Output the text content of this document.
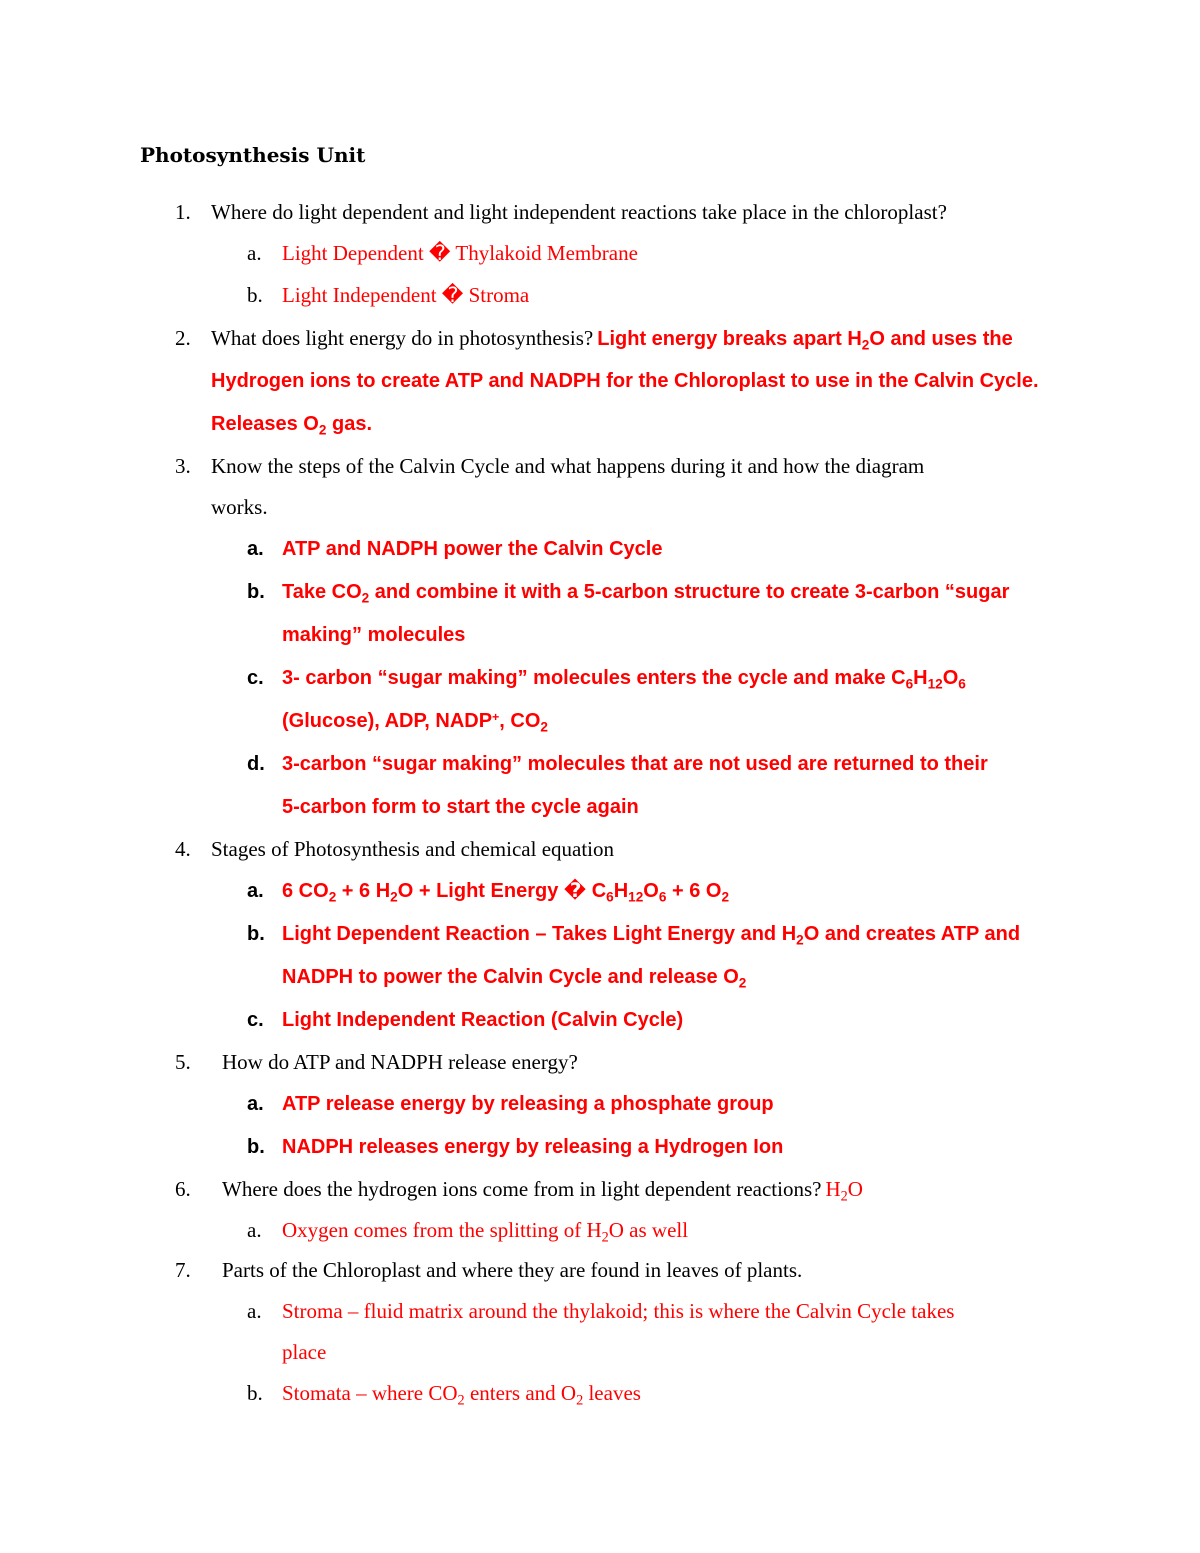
Photosynthesis Unit
1. Where do light dependent and light independent reactions take place in the chloroplast?
a. Light Dependent � Thylakoid Membrane
b. Light Independent � Stroma
2. What does light energy do in photosynthesis? Light energy breaks apart $H_2O$ and uses the
Hydrogen ions to create ATP and NADPH for the Chloroplast to use in the Calvin Cycle.
Releases $O_2$ gas.
3. Know the steps of the Calvin Cycle and what happens during it and how the diagram
works.
a. ATP and NADPH power the Calvin Cycle
b. Take $CO_2$ and combine it with a 5-carbon structure to create 3-carbon “sugar
making” molecules
c. 3- carbon “sugar making” molecules enters the cycle and make $C_6H_{12}O_6$
(Glucose), ADP, NADP+, $CO_2$
d. 3-carbon “sugar making” molecules that are not used are returned to their
5-carbon form to start the cycle again
4. Stages of Photosynthesis and chemical equation
a. 6 $CO_2 + 6$ $H_2O$ + Light Energy � $C_6H_{12}O_6 + 6$ $O_2$
b. Light Dependent Reaction – Takes Light Energy and $H_2O$ and creates ATP and
NADPH to power the Calvin Cycle and release $O_2$
c. Light Independent Reaction (Calvin Cycle)
5. How do ATP and NADPH release energy?
a. ATP release energy by releasing a phosphate group
b. NADPH releases energy by releasing a Hydrogen Ion
6. Where does the hydrogen ions come from in light dependent reactions? $H_2O$
a. Oxygen comes from the splitting of $H_2O$ as well
7. Parts of the Chloroplast and where they are found in leaves of plants.
a. Stroma – fluid matrix around the thylakoid; this is where the Calvin Cycle takes
place
b. Stomata – where $CO_2$ enters and $O_2$ leaves
